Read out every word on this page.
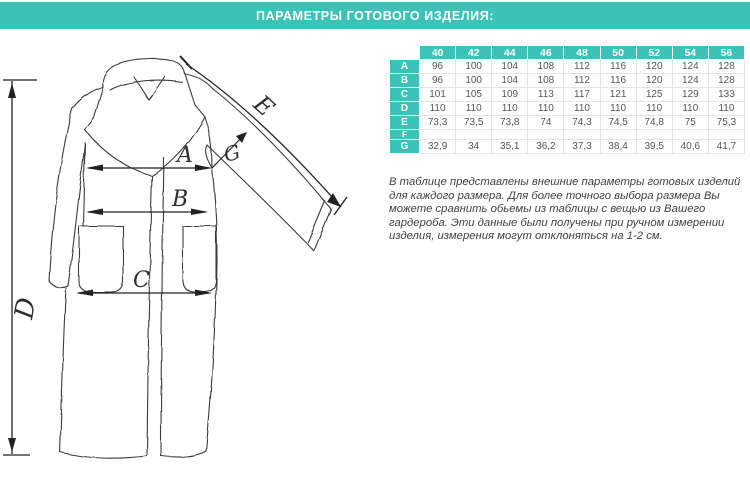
ПАРАМЕТРЫ ГОТОВОГО ИЗДЕЛИЯ:
D
A
B
C
E
G
	40	42	44	46	48	50	52	54	56
A	96	100	104	108	112	116	120	124	128
B	96	100	104	108	112	116	120	124	128
C	101	105	109	113	117	121	125	129	133
D	110	110	110	110	110	110	110	110	110
E	73,3	73,5	73,8	74	74,3	74,5	74,8	75	75,3
F									
G	32,9	34	35,1	36,2	37,3	38,4	39,5	40,6	41,7

В таблице представлены внешние параметры готовых изделий для каждого размера. Для более точного выбора размера Вы можете сравнить обьемы из таблицы с вещью из Вашего гардероба. Эти данные были получены при ручном измерении изделия, измерения могут отклоняться на 1-2 см.
